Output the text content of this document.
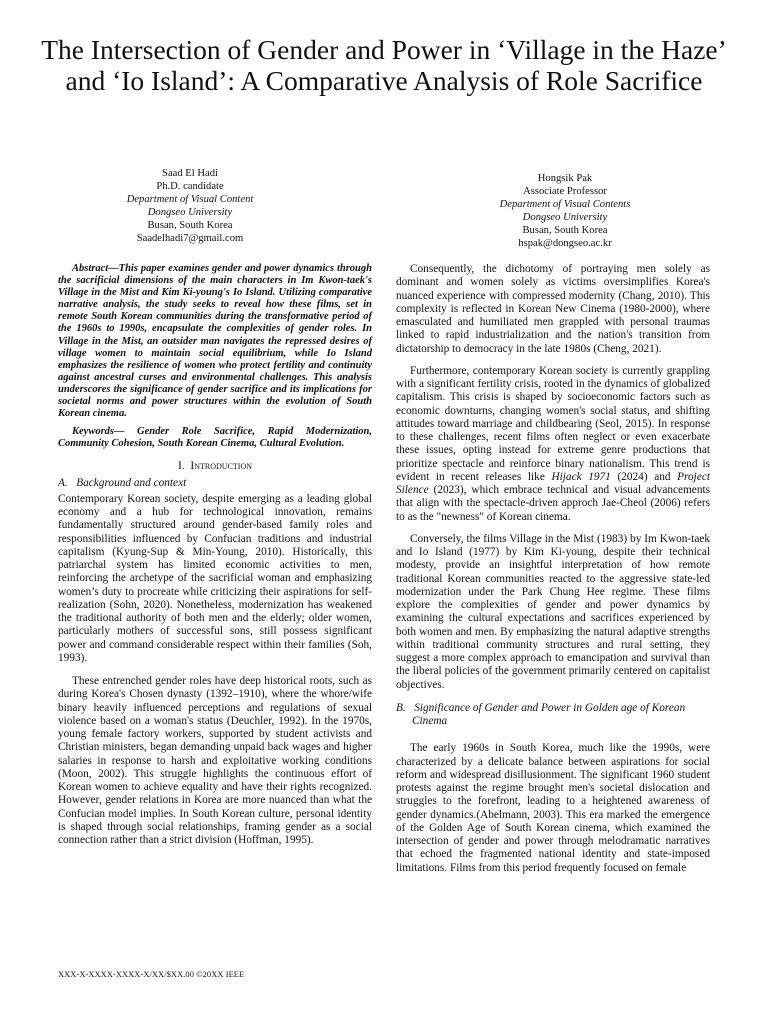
The Intersection of Gender and Power in ‘Village in the Haze’ and ‘Io Island’: A Comparative Analysis of Role Sacrifice
Saad El Hadi
Ph.D. candidate
Department of Visual Content
Dongseo University
Busan, South Korea
Saadelhadi7@gmail.com
Hongsik Pak
Associate Professor
Department of Visual Contents
Dongseo University
Busan, South Korea
hspak@dongseo.ac.kr

Abstract—This paper examines gender and power dynamics through the sacrificial dimensions of the main characters in Im Kwon-taek's Village in the Mist and Kim Ki-young's Io Island. Utilizing comparative narrative analysis, the study seeks to reveal how these films, set in remote South Korean communities during the transformative period of the 1960s to 1990s, encapsulate the complexities of gender roles. In Village in the Mist, an outsider man navigates the repressed desires of village women to maintain social equilibrium, while Io Island emphasizes the resilience of women who protect fertility and continuity against ancestral curses and environmental challenges. This analysis underscores the significance of gender sacrifice and its implications for societal norms and power structures within the evolution of South Korean cinema.

Keywords— Gender Role Sacrifice, Rapid Modernization, Community Cohesion, South Korean Cinema, Cultural Evolution.

I. Introduction
A. Background and context

Contemporary Korean society, despite emerging as a leading global economy and a hub for technological innovation, remains fundamentally structured around gender-based family roles and responsibilities influenced by Confucian traditions and industrial capitalism (Kyung-Sup & Min-Young, 2010). Historically, this patriarchal system has limited economic activities to men, reinforcing the archetype of the sacrificial woman and emphasizing women’s duty to procreate while criticizing their aspirations for self-realization (Sohn, 2020). Nonetheless, modernization has weakened the traditional authority of both men and the elderly; older women, particularly mothers of successful sons, still possess significant power and command considerable respect within their families (Soh, 1993).

These entrenched gender roles have deep historical roots, such as during Korea's Chosen dynasty (1392–1910), where the whore/wife binary heavily influenced perceptions and regulations of sexual violence based on a woman's status (Deuchler, 1992). In the 1970s, young female factory workers, supported by student activists and Christian ministers, began demanding unpaid back wages and higher salaries in response to harsh and exploitative working conditions (Moon, 2002). This struggle highlights the continuous effort of Korean women to achieve equality and have their rights recognized. However, gender relations in Korea are more nuanced than what the Confucian model implies. In South Korean culture, personal identity is shaped through social relationships, framing gender as a social connection rather than a strict division (Hoffman, 1995).

Consequently, the dichotomy of portraying men solely as dominant and women solely as victims oversimplifies Korea's nuanced experience with compressed modernity (Chang, 2010). This complexity is reflected in Korean New Cinema (1980-2000), where emasculated and humiliated men grappled with personal traumas linked to rapid industrialization and the nation's transition from dictatorship to democracy in the late 1980s (Cheng, 2021).

Furthermore, contemporary Korean society is currently grappling with a significant fertility crisis, rooted in the dynamics of globalized capitalism. This crisis is shaped by socioeconomic factors such as economic downturns, changing women's social status, and shifting attitudes toward marriage and childbearing (Seol, 2015). In response to these challenges, recent films often neglect or even exacerbate these issues, opting instead for extreme genre productions that prioritize spectacle and reinforce binary nationalism. This trend is evident in recent releases like Hijack 1971 (2024) and Project Silence (2023), which embrace technical and visual advancements that align with the spectacle-driven approch Jae-Cheol (2006) refers to as the "newness" of Korean cinema.

Conversely, the films Village in the Mist (1983) by Im Kwon-taek and Io Island (1977) by Kim Ki-young, despite their technical modesty, provide an insightful interpretation of how remote traditional Korean communities reacted to the aggressive state-led modernization under the Park Chung Hee regime. These films explore the complexities of gender and power dynamics by examining the cultural expectations and sacrifices experienced by both women and men. By emphasizing the natural adaptive strengths within traditional community structures and rural setting, they suggest a more complex approach to emancipation and survival than the liberal policies of the government primarily centered on capitalist objectives.

B. Significance of Gender and Power in Golden age of Korean Cinema

The early 1960s in South Korea, much like the 1990s, were characterized by a delicate balance between aspirations for social reform and widespread disillusionment. The significant 1960 student protests against the regime brought men's societal dislocation and struggles to the forefront, leading to a heightened awareness of gender dynamics.(Abelmann, 2003). This era marked the emergence of the Golden Age of South Korean cinema, which examined the intersection of gender and power through melodramatic narratives that echoed the fragmented national identity and state-imposed limitations. Films from this period frequently focused on female

XXX-X-XXXX-XXXX-X/XX/$XX.00 ©20XX IEEE
